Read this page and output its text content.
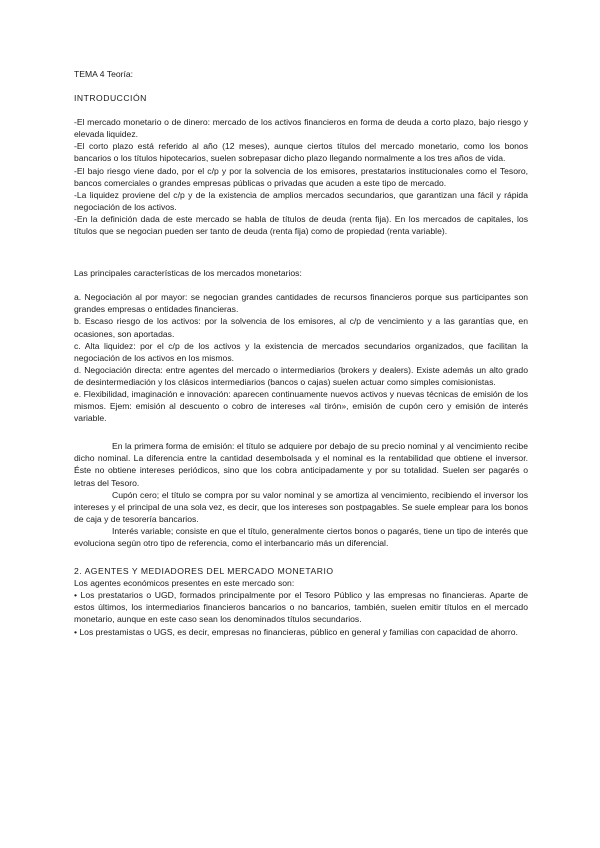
TEMA 4 Teoría:
INTRODUCCIÓN

-El mercado monetario o de dinero: mercado de los activos financieros en forma de deuda a corto plazo, bajo riesgo y elevada liquidez.

-El corto plazo está referido al año (12 meses), aunque ciertos títulos del mercado monetario, como los bonos bancarios o los títulos hipotecarios, suelen sobrepasar dicho plazo llegando normalmente a los tres años de vida.

-El bajo riesgo viene dado, por el c/p y por la solvencia de los emisores, prestatarios institucionales como el Tesoro, bancos comerciales o grandes empresas públicas o privadas que acuden a este tipo de mercado.

-La liquidez proviene del c/p y de la existencia de amplios mercados secundarios, que garantizan una fácil y rápida negociación de los activos.

-En la definición dada de este mercado se habla de títulos de deuda (renta fija). En los mercados de capitales, los títulos que se negocian pueden ser tanto de deuda (renta fija) como de propiedad (renta variable).

Las principales características de los mercados monetarios:

a. Negociación al por mayor: se negocian grandes cantidades de recursos financieros porque sus participantes son grandes empresas o entidades financieras.

b. Escaso riesgo de los activos: por la solvencia de los emisores, al c/p de vencimiento y a las garantías que, en ocasiones, son aportadas.

c. Alta liquidez: por el c/p de los activos y la existencia de mercados secundarios organizados, que facilitan la negociación de los activos en los mismos.

d. Negociación directa: entre agentes del mercado o intermediarios (brokers y dealers). Existe además un alto grado de desintermediación y los clásicos intermediarios (bancos o cajas) suelen actuar como simples comisionistas.

e. Flexibilidad, imaginación e innovación: aparecen continuamente nuevos activos y nuevas técnicas de emisión de los mismos. Ejem: emisión al descuento o cobro de intereses «al tirón», emisión de cupón cero y emisión de interés variable.

En la primera forma de emisión: el título se adquiere por debajo de su precio nominal y al vencimiento recibe dicho nominal. La diferencia entre la cantidad desembolsada y el nominal es la rentabilidad que obtiene el inversor. Éste no obtiene intereses periódicos, sino que los cobra anticipadamente y por su totalidad. Suelen ser pagarés o letras del Tesoro.

Cupón cero; el título se compra por su valor nominal y se amortiza al vencimiento, recibiendo el inversor los intereses y el principal de una sola vez, es decir, que los intereses son postpagables. Se suele emplear para los bonos de caja y de tesorería bancarios.

Interés variable; consiste en que el título, generalmente ciertos bonos o pagarés, tiene un tipo de interés que evoluciona según otro tipo de referencia, como el interbancario más un diferencial.

2. AGENTES Y MEDIADORES DEL MERCADO MONETARIO

Los agentes económicos presentes en este mercado son:

• Los prestatarios o UGD, formados principalmente por el Tesoro Público y las empresas no financieras. Aparte de estos últimos, los intermediarios financieros bancarios o no bancarios, también, suelen emitir títulos en el mercado monetario, aunque en este caso sean los denominados títulos secundarios.

• Los prestamistas o UGS, es decir, empresas no financieras, público en general y familias con capacidad de ahorro.
